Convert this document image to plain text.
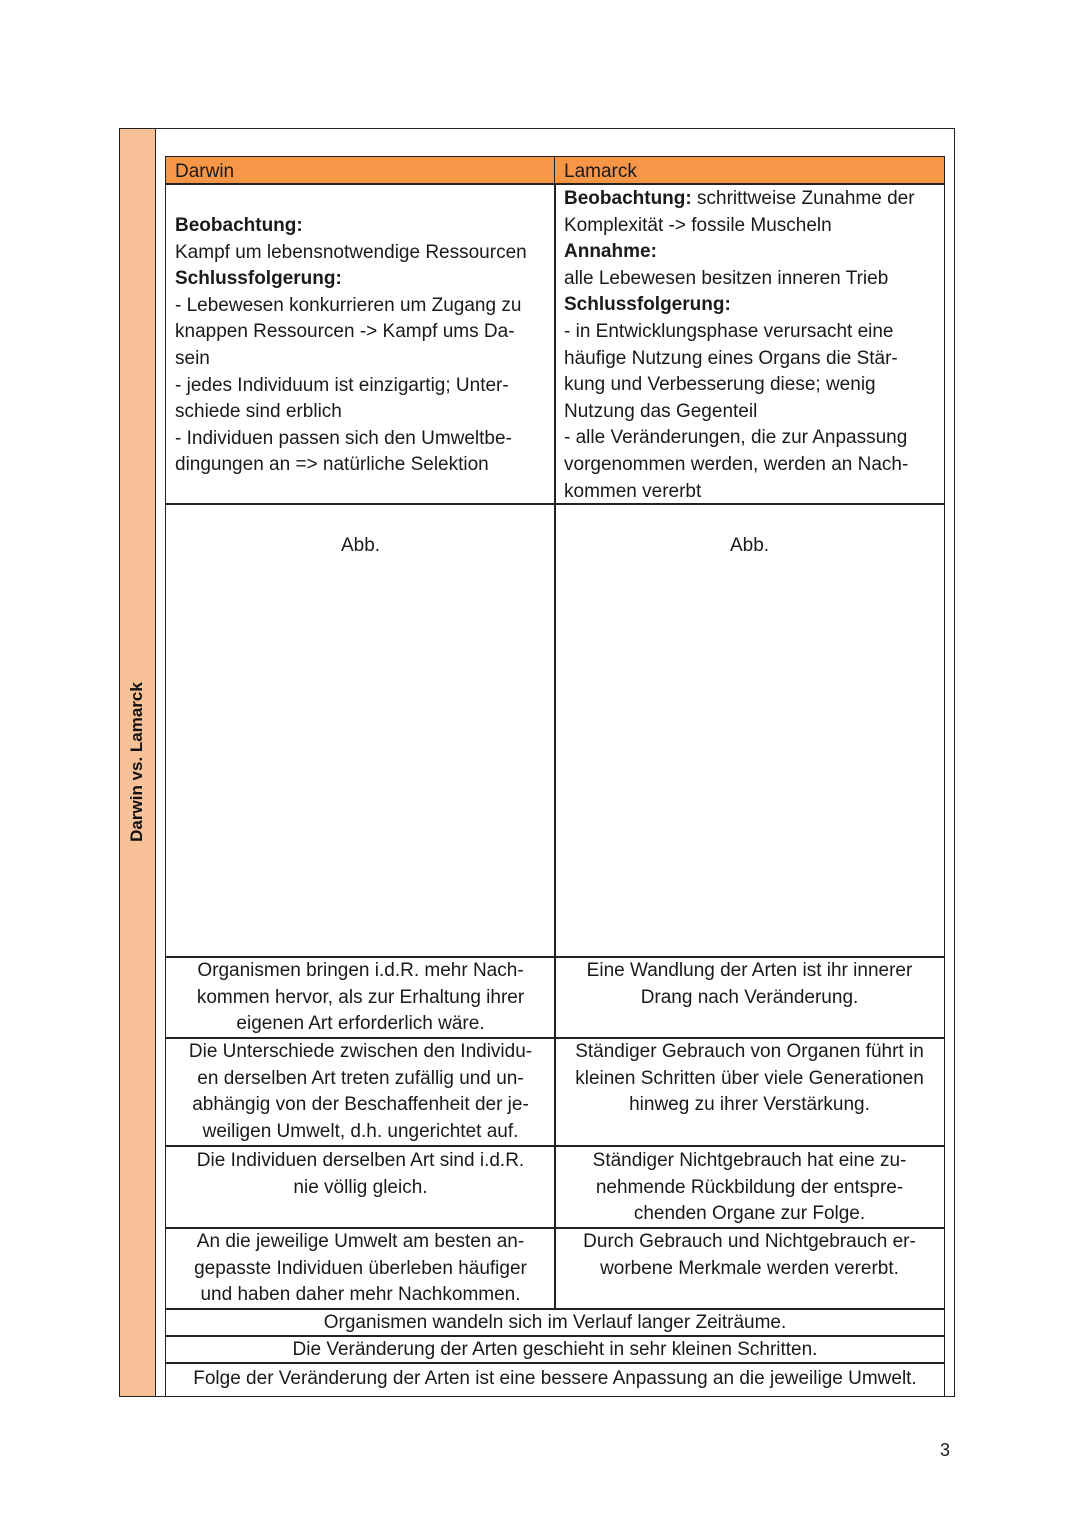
Darwin vs. Lamarck
Darwin	Lamarck
Beobachtung:
Kampf um lebensnotwendige Ressourcen
Schlussfolgerung:
- Lebewesen konkurrieren um Zugang zu
knappen Ressourcen -> Kampf ums Da-
sein
- jedes Individuum ist einzigartig; Unter-
schiede sind erblich
- Individuen passen sich den Umweltbe-
dingungen an => natürliche Selektion
Beobachtung: schrittweise Zunahme der
Komplexität -> fossile Muscheln
Annahme:
alle Lebewesen besitzen inneren Trieb
Schlussfolgerung:
- in Entwicklungsphase verursacht eine
häufige Nutzung eines Organs die Stär-
kung und Verbesserung diese; wenig
Nutzung das Gegenteil
- alle Veränderungen, die zur Anpassung
vorgenommen werden, werden an Nach-
kommen vererbt
Abb.	Abb.
Organismen bringen i.d.R. mehr Nach-
kommen hervor, als zur Erhaltung ihrer
eigenen Art erforderlich wäre.
Die Unterschiede zwischen den Individu-
en derselben Art treten zufällig und un-
abhängig von der Beschaffenheit der je-
weiligen Umwelt, d.h. ungerichtet auf.
Die Individuen derselben Art sind i.d.R.
nie völlig gleich.
An die jeweilige Umwelt am besten an-
gepasste Individuen überleben häufiger
und haben daher mehr Nachkommen.
Eine Wandlung der Arten ist ihr innerer
Drang nach Veränderung.
Ständiger Gebrauch von Organen führt in
kleinen Schritten über viele Generationen
hinweg zu ihrer Verstärkung.
Ständiger Nichtgebrauch hat eine zu-
nehmende Rückbildung der entspre-
chenden Organe zur Folge.
Durch Gebrauch und Nichtgebrauch er-
worbene Merkmale werden vererbt.
Organismen wandeln sich im Verlauf langer Zeiträume.
Die Veränderung der Arten geschieht in sehr kleinen Schritten.
Folge der Veränderung der Arten ist eine bessere Anpassung an die jeweilige Umwelt.
3
